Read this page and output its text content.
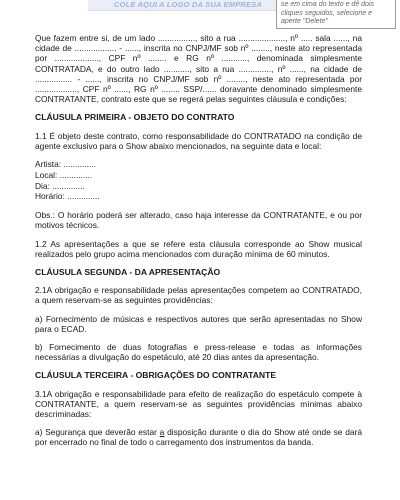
COLE AQUI A LOGO DA SUA EMPRESA	se em cima do texto e dê dois cliques seguidos, selecione e aperte "Delete"

Que fazem entre si, de um lado ................, sito a rua ...................., nº ..... sala ......, na cidade de .................. - ......, inscrita no CNPJ/MF sob nº ........, neste ato representada por ..................., CPF nº ........ e RG nº ..........., denominada simplesmente CONTRATADA, e do outro lado ..........., sito a rua .............., nº ......, na cidade de ................ - ......, inscrita no CNPJ/MF sob nº ........, neste ato representada por .................., CPF nº ......, RG nº ........ SSP/...... doravante denominado simplesmente CONTRATANTE, contrato este que se regerá pelas seguintes cláusula e condições:

CLÁUSULA PRIMEIRA - OBJETO DO CONTRATO

1.1 É objeto deste contrato, como responsabilidade do CONTRATADO na condição de agente exclusivo para o Show abaixo mencionados, na seguinte data e local:

Artista: ..............
Local: ..............
Dia: ..............
Horário: ..............

Obs.: O horário poderá ser alterado, caso haja interesse da CONTRATANTE, e ou por motivos técnicos.

1.2 As apresentações a que se refere esta cláusula corresponde ao Show musical realizados pelo grupo acima mencionados com duração mínima de 60 minutos.

CLÁUSULA SEGUNDA - DA APRESENTAÇÃO

2.1A obrigação e responsabilidade pelas apresentações competem ao CONTRATADO, a quem reservam-se as seguintes providências:

a) Fornecimento de músicas e respectivos autores que serão apresentadas no Show para o ECAD.

b) Fornecimento de duas fotografias e press-release e todas as informações necessárias a divulgação do espetáculo, até 20 dias antes da apresentação.

CLÁUSULA TERCEIRA - OBRIGAÇÕES DO CONTRATANTE

3.1A obrigação e responsabilidade para efeito de realização do espetáculo compete à CONTRATANTE, a quem reservam-se as seguintes providências mínimas abaixo descriminadas:

a) Segurança que deverão estar a disposição durante o dia do Show até onde se dará por encerrado no final de todo o carregamento dos instrumentos da banda.
